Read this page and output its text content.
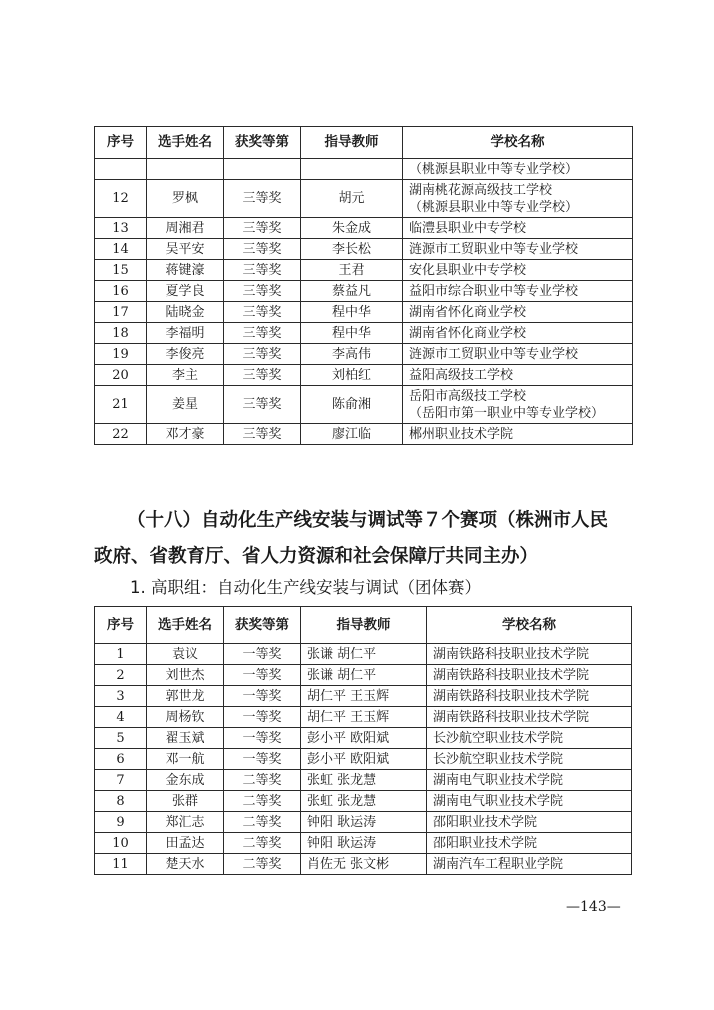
序号	选手姓名	获奖等第	指导教师	学校名称
				（桃源县职业中等专业学校）
12	罗枫	三等奖	胡元	湖南桃花源高级技工学校
（桃源县职业中等专业学校）

13	周湘君	三等奖	朱金成	临澧县职业中专学校
14	吴平安	三等奖	李长松	涟源市工贸职业中等专业学校
15	蒋键濠	三等奖	王君	安化县职业中专学校
16	夏学良	三等奖	蔡益凡	益阳市综合职业中等专业学校
17	陆晓金	三等奖	程中华	湖南省怀化商业学校
18	李福明	三等奖	程中华	湖南省怀化商业学校
19	李俊亮	三等奖	李高伟	涟源市工贸职业中等专业学校
20	李主	三等奖	刘柏红	益阳高级技工学校
21	姜星	三等奖	陈俞湘	岳阳市高级技工学校
（岳阳市第一职业中等专业学校）

22	邓才豪	三等奖	廖江临	郴州职业技术学院
（十八）自动化生产线安装与调试等７个赛项（株洲市人民
政府、省教育厅、省人力资源和社会保障厅共同主办）
1. 高职组：自动化生产线安装与调试（团体赛）
序号	选手姓名	获奖等第	指导教师	学校名称
1	袁议	一等奖	张谦 胡仁平	湖南铁路科技职业技术学院
2	刘世杰	一等奖	张谦 胡仁平	湖南铁路科技职业技术学院
3	郭世龙	一等奖	胡仁平 王玉辉	湖南铁路科技职业技术学院
4	周杨钦	一等奖	胡仁平 王玉辉	湖南铁路科技职业技术学院
5	翟玉斌	一等奖	彭小平 欧阳斌	长沙航空职业技术学院
6	邓一航	一等奖	彭小平 欧阳斌	长沙航空职业技术学院
7	金东成	二等奖	张虹 张龙慧	湖南电气职业技术学院
8	张群	二等奖	张虹 张龙慧	湖南电气职业技术学院
9	郑汇志	二等奖	钟阳 耿运涛	邵阳职业技术学院
10	田孟达	二等奖	钟阳 耿运涛	邵阳职业技术学院
11	楚天水	二等奖	肖佐无 张文彬	湖南汽车工程职业学院
—143—
